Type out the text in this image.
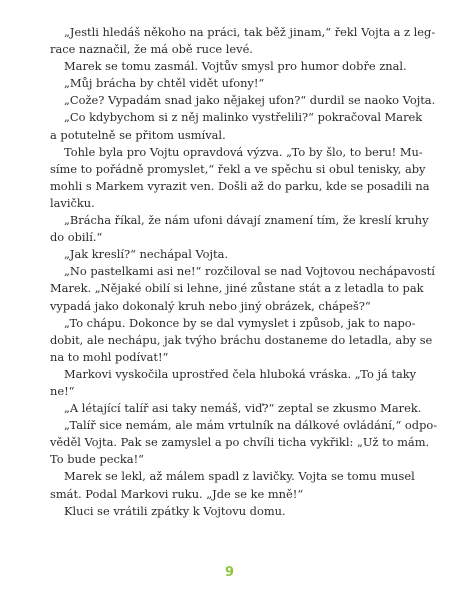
„Jestli hledáš někoho na práci, tak běž jinam,“ řekl Vojta a z leg-
race naznačil, že má obě ruce levé.
Marek se tomu zasmál. Vojtův smysl pro humor dobře znal.
„Můj brácha by chtěl vidět ufony!“
„Cože? Vypadám snad jako nějakej ufon?“ durdil se naoko Vojta.
„Co kdybychom si z něj malinko vystřelili?“ pokračoval Marek
a potutelně se přitom usmíval.
Tohle byla pro Vojtu opravdová výzva. „To by šlo, to beru! Mu-
síme to pořádně promyslet,“ řekl a ve spěchu si obul tenisky, aby
mohli s Markem vyrazit ven. Došli až do parku, kde se posadili na
lavičku.
„Brácha říkal, že nám ufoni dávají znamení tím, že kreslí kruhy
do obilí.“
„Jak kreslí?“ nechápal Vojta.
„No pastelkami asi ne!“ rozčiloval se nad Vojtovou nechápavostí
Marek. „Nějaké obilí si lehne, jiné zůstane stát a z letadla to pak
vypadá jako dokonalý kruh nebo jiný obrázek, chápeš?“
„To chápu. Dokonce by se dal vymyslet i způsob, jak to napo-
dobit, ale nechápu, jak tvýho bráchu dostaneme do letadla, aby se
na to mohl podívat!“
Markovi vyskočila uprostřed čela hluboká vráska. „To já taky
ne!“
„A létající talíř asi taky nemáš, viď?“ zeptal se zkusmo Marek.
„Talíř sice nemám, ale mám vrtulník na dálkové ovládání,“ odpo-
věděl Vojta. Pak se zamyslel a po chvíli ticha vykřikl: „Už to mám.
To bude pecka!“
Marek se lekl, až málem spadl z lavičky. Vojta se tomu musel
smát. Podal Markovi ruku. „Jde se ke mně!“
Kluci se vrátili zpátky k Vojtovu domu.
9
